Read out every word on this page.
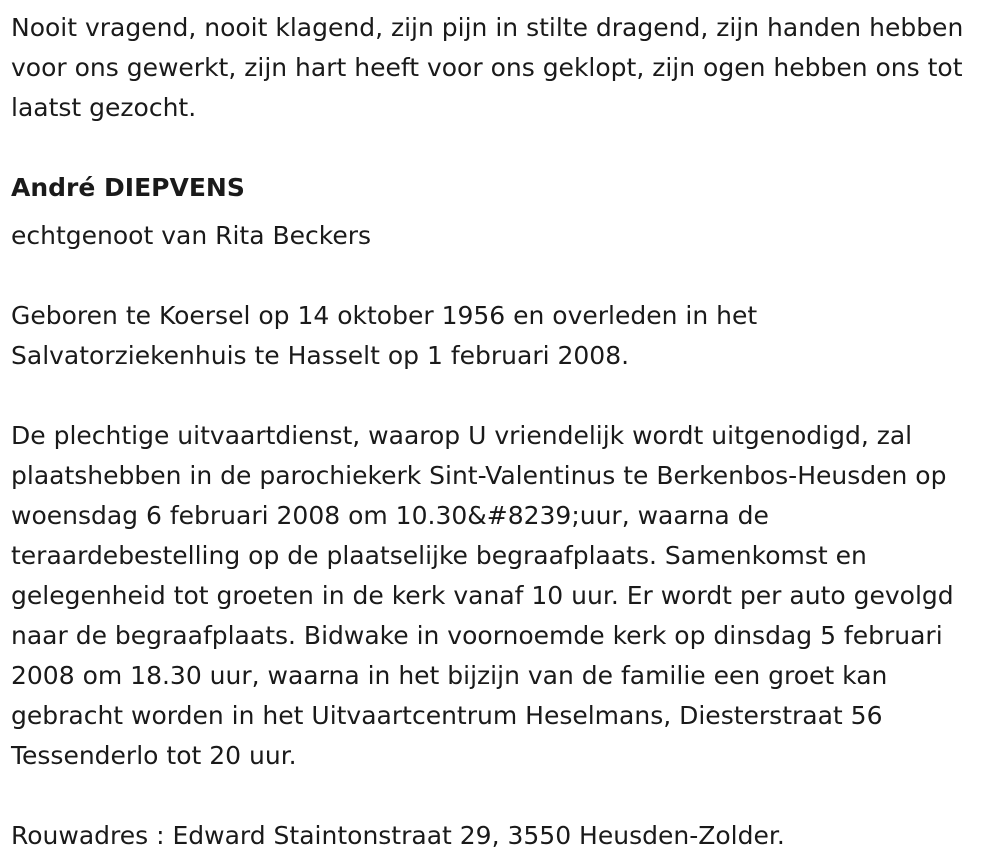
Nooit vragend, nooit klagend, zijn pijn in stilte dragend, zijn handen hebben voor ons gewerkt, zijn hart heeft voor ons geklopt, zijn ogen hebben ons tot laatst gezocht.

André DIEPVENS

echtgenoot van Rita Beckers

Geboren te Koersel op 14 oktober 1956 en overleden in het Salvatorziekenhuis te Hasselt op 1 februari 2008.

De plechtige uitvaartdienst, waarop U vriendelijk wordt uitgenodigd, zal plaatshebben in de parochiekerk Sint-Valentinus te Berkenbos-Heusden op woensdag 6 februari 2008 om 10.30&#8239;uur, waarna de teraardebestelling op de plaatselijke begraafplaats. Samenkomst en gelegenheid tot groeten in de kerk vanaf 10 uur. Er wordt per auto gevolgd naar de begraafplaats. Bidwake in voornoemde kerk op dinsdag 5 februari 2008 om 18.30 uur, waarna in het bijzijn van de familie een groet kan gebracht worden in het Uitvaartcentrum Heselmans, Diesterstraat 56 Tessenderlo tot 20 uur.

Rouwadres : Edward Staintonstraat 29, 3550 Heusden-Zolder.
